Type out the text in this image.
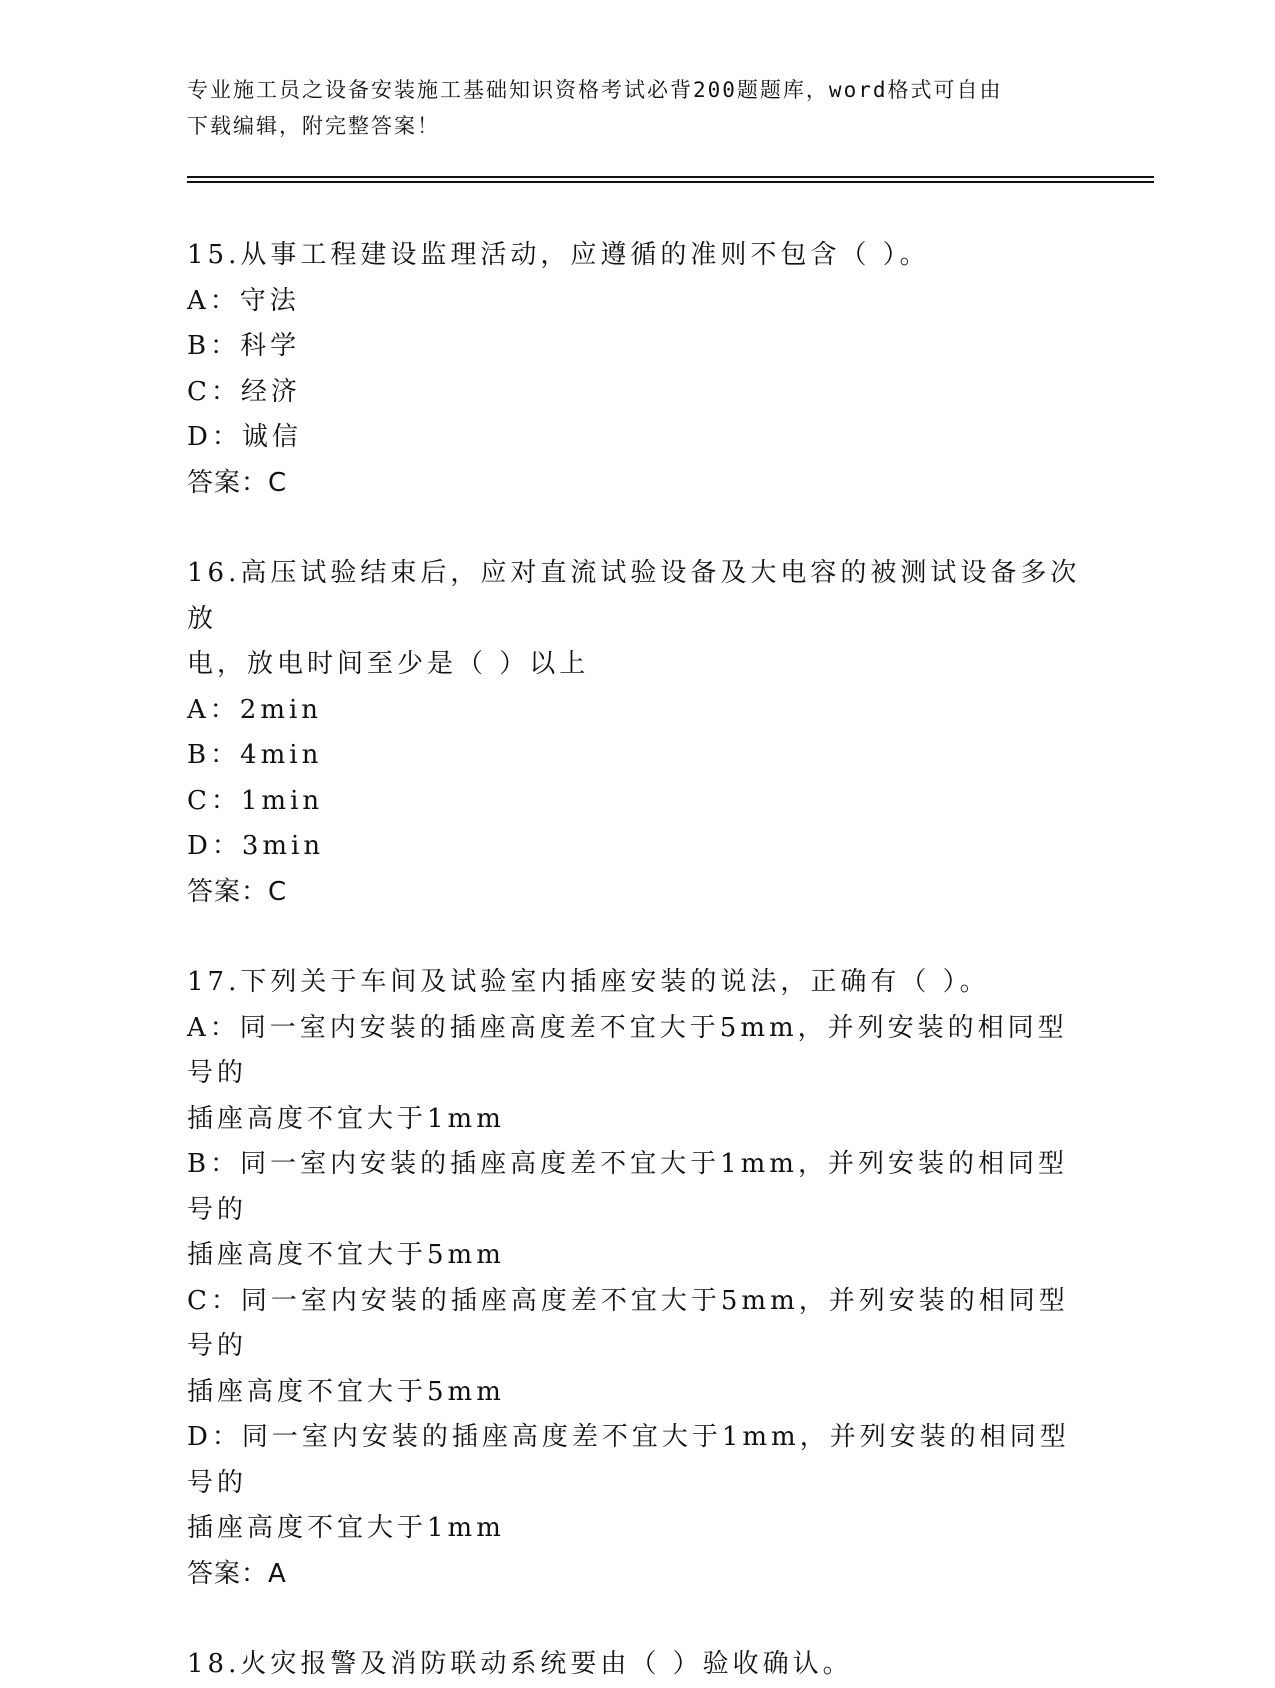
专业施工员之设备安装施工基础知识资格考试必背200题题库，word格式可自由
下载编辑，附完整答案！
15.从事工程建设监理活动，应遵循的准则不包含（ ）。
A：守法
B：科学
C：经济
D：诚信
答案：C
16.高压试验结束后，应对直流试验设备及大电容的被测试设备多次放
电，放电时间至少是（ ）以上
A：2min
B：4min
C：1min
D：3min
答案：C
17.下列关于车间及试验室内插座安装的说法，正确有（ ）。
A：同一室内安装的插座高度差不宜大于5mm，并列安装的相同型号的
插座高度不宜大于1mm
B：同一室内安装的插座高度差不宜大于1mm，并列安装的相同型号的
插座高度不宜大于5mm
C：同一室内安装的插座高度差不宜大于5mm，并列安装的相同型号的
插座高度不宜大于5mm
D：同一室内安装的插座高度差不宜大于1mm，并列安装的相同型号的
插座高度不宜大于1mm
答案：A
18.火灾报警及消防联动系统要由（ ）验收确认。
